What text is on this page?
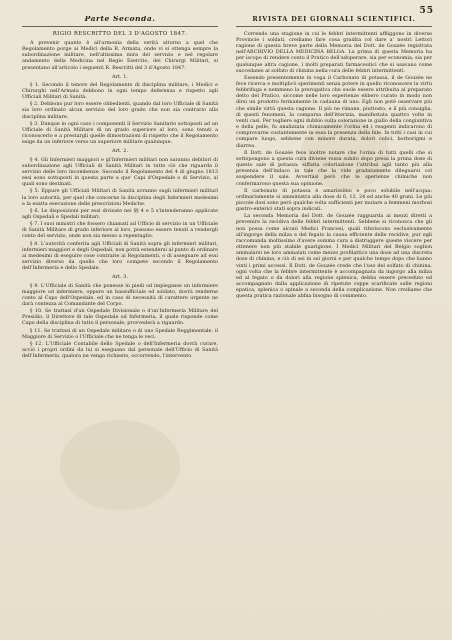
55
Parte Seconda.
RIGIO RESCRITTO DEL 3 D'AGOSTO 1847.

A prevenir quanto è all'armonia della verità attorno a quel che Regolamento porge ai Medici della R. Armata, onde vi si ottenga sempre la subordinazione militare, nell'altissima mira del servizio e nel regolare andamento della Medicina nel Regio Esercito, dei Chirurgi Militari, si presentano all'articolo i seguenti R. Rescritti del 3 d'Agosto 1847.

Art. 1.

§ 1. Secondo il tenore del Regolamento di disciplina militare, i Medici e Chirurghi nell'Armata debbono in ogni tempo deferenza e rispetto agli Ufficiali Militari di Sanità.

§ 2. Debbono pur loro essere obbedienti, quando dal loro Ufficiale di Sanità sia loro ordinato alcun servizio del loro grado che non sia contrario alla disciplina militare.

§ 3. Dunque in ogni caso i componenti il Servizio Sanitario sottoposti ad un Ufficiale di Sanità Militare di un grado superiore al loro, sono tenuti a riconoscerlo e a prestargli quelle dimostrazioni di rispetto che il Regolamento esige da un inferiore verso un superiore militare qualunque.

Art. 2.

§ 4. Gli Infermieri maggiori e gl'Infermieri militari non saranno debitori di subordinazione agli Ufficiali di Sanità Militari in tutto ciò che riguarda il servizio delle loro incombenze. Secondo il Regolamento del 4 di giugno 1813 essi sono sottoposti in questa parte a que' Capi d'Ospedale o di Servizio, ai quali sono destinati.

§ 5. Eppure gli Ufficiali Militari di Sanità avranno sugli infermieri militari la loro autorità, per quel che concerne la disciplina degli Infermieri medesimi e la esatta esecuzione delle prescrizioni Mediche.

§ 6. Le disposizioni per essi divisate nei §§ 4 e 5 s'intenderanno applicate agli Ospedali e Spedali militari.

§ 7. I suoi ministri che fossero chiamati ad Ufficio di servizio in un Ufficiale di Sanità Militare di grado inferiore al loro, possono essere tenuti a rendergli conto del servizio, onde non sia messo a repentaglio.

§ 8. L'autorità conferita agli Ufficiali di Sanità sopra gli infermieri militari, infermieri maggiori e degli Ospedali, non potrà estendersi al punto di ordinare ai medesimi di eseguire cose contrarie ai Regolamenti, o di assegnare ad essi servizio diverso da quello che loro compete secondo il Regolamento dell'Infermeria e dello Spedale.

Art. 3.

§ 9. L'Ufficiale di Sanità che ponesse in piedi od impiegasse un infermiere maggiore od infermiere, oppure un bassufficiale od soldato, dovrà renderne conto al Capo dell'Ospedale, ed in caso di necessità di carattere urgente ne darà contezza al Comandante del Corpo.

§ 10. Se trattasi d'un Ospedale Divisionale o d'un'Infermeria Militare del Presidio, il Direttore di tale Ospedale od Infermeria, il quale risponde come Capo della disciplina di tutto il personale, provvederà a riguardo.

§ 11. Se trattasi di un Ospedale militare o di uno Spedale Reggimentale, il Maggiore di Servizio o l'Ufficiale che ne tenga le veci.

§ 12. L'Ufficiale Contabile dello Spedale o dell'Infermeria dovrà curare, acciò i propri ordini da lui si eseguano dal personale dell'Ufficio di Sanità dell'Infermeria, qualora ne venga richiesto, occorrendo, l'intervento.

RIVISTA DEI GIORNALI SCIENTIFICI.

Correndo una stagione in cui le febbri intermittenti affliggono in diverse Provincie i soldati, crediamo fare cosa gradita col dare a' nostri Lettori ragione di questa breve parte della Memoria del Dott. de Gouzée registrata nell'ARCHIVIO DELLA MEDICINA BELGA. La prima di questa Memoria ha per iscopo di rendere conto il Pratico dell'adoperare, sia per economia, sia per qualunque altra cagione, i molti preparati farmaceutici che si usavano come succedanei al solfato di chinina nella cura delle febbri intermittenti.

Essendo presentemente in voga il Carbonato di potassa, il de Gouzée ne fece ricerca e moltiplicò sperimenti senza potere in quello riconoscere la virtù febbrifuga e nemmeno la prerogativa che suole essere attribuita al preparato detto del Pratico, siccome nelle loro esperienze ebbero curato in modo non dirsi un prodotto fermamente in cadauna di uno. Egli non potè osservare più che simile virtù questa cagione. Il più ne rimane, piuttosto, e il più consiglia, di questi fenomeni, la comparsa dell'itterizia, manifestata quattro volte in venti casi. Per togliere ogni dubbio sulla colorazione in giallo della congiuntiva e della pelle, fu analizzata chimicamente l'orina ed i reagenti indicarono di comprovarne costantemente in essa la presenza della bile. In tutti i casi in cui compare luogo, sebbene con minore durata, dolori colici, borborigmi e diarrea.

Il Dott. de Gouzée fece inoltre notare che l'orina di tutti quelli che si sottopongono a questa cura diviene rossa subito dopo presa la prima dose di questo sale di potassa: siffatta coloriazione l'attribui agli tanto più alla presenza dell'indaco in tale che la vide gradatamente dileguarsi col sospendere il sale. Avvertasi però che le sperienze chimiche non confermarono questa sua opinione.

Il carbonato di potassa è amarissimo e poco solubile nell'acqua: ordinariamente si amministra alla dose di 6, 12, 24 ed anche 40 grani. Le più piccole dosi sono però qualche volta sufficienti per mutare a femmeni morbosi gastro-enterici stati sopra indicati.

La seconda Memoria del Dott. de Gouzée ragguarda ai mezzi diretti a prevenire la recidiva delle febbri intermittenti. Sebbene si riconosca che gli non possa come alcuni Medici Francesi, quali riferiscono esclusivamente all'ingorgo della milza e del fegato la causa efficiente delle recidive, pur egli raccomanda moltissimo d'avere somma cura a distruggere queste viscere per ottenere non più stabile guarigione. I Medici Militari del Belgio soglion ammalarsi ne loro ammalati come mezzo profilattico una dose ad una discreta dose di chinina, e ciò di sei in sei giorni e per qualche tempo dopo che hanno vinti i primi accessi. Il Dott. de Gouzée crede che l'uso del solfato di chinina, ogni volta che la febbre intermittente è accompagnata da ingorgo alla milza ed al fegato o da dolori alla regione splenica, debba essere preceduto ed accompagnato dalla applicazione di ripetute coppe scarificate sulle regioni epatica, splenica o spinale a seconda della complicazione. Non crediamo che questa pratica razionale abbia bisogno di commento.
